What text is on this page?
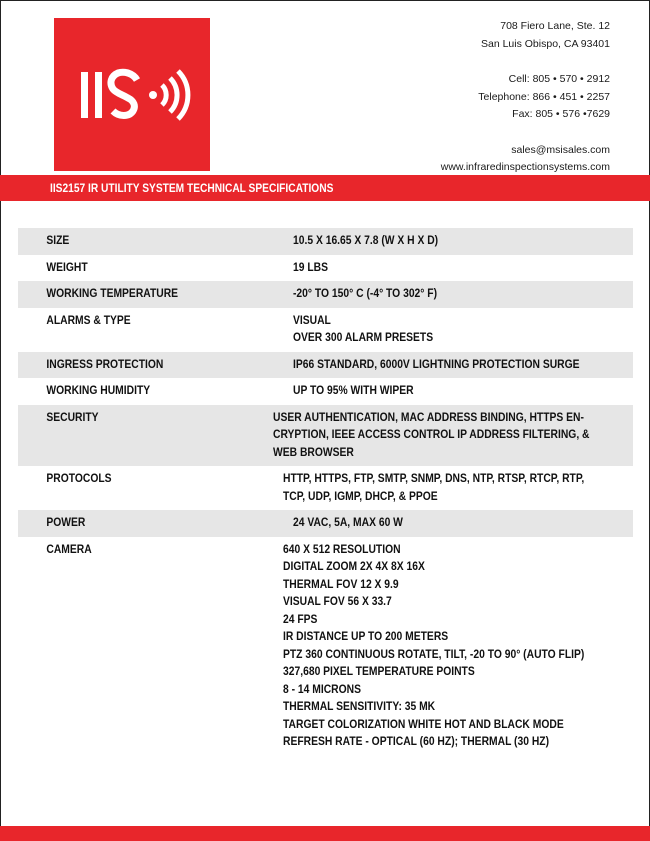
708 Fiero Lane, Ste. 12
San Luis Obispo, CA 93401
Cell: 805 • 570 • 2912
Telephone: 866 • 451 • 2257
Fax: 805 • 576 •7629
sales@msisales.com
www.infraredinspectionsystems.com
IIS2157 IR UTILITY SYSTEM TECHNICAL SPECIFICATIONS
SIZE	10.5 X 16.65 X 7.8 (W X H X D)
WEIGHT	19 LBS
WORKING TEMPERATURE	-20° TO 150° C (-4° TO 302° F)
ALARMS & TYPE	VISUAL
OVER 300 ALARM PRESETS
INGRESS PROTECTION	IP66 STANDARD, 6000V LIGHTNING PROTECTION SURGE
WORKING HUMIDITY	UP TO 95% WITH WIPER
SECURITY	USER AUTHENTICATION, MAC ADDRESS BINDING, HTTPS EN-
CRYPTION, IEEE ACCESS CONTROL IP ADDRESS FILTERING, &
WEB BROWSER
PROTOCOLS	HTTP, HTTPS, FTP, SMTP, SNMP, DNS, NTP, RTSP, RTCP, RTP,
TCP, UDP, IGMP, DHCP, & PPOE
POWER	24 VAC, 5A, MAX 60 W
CAMERA	640 X 512 RESOLUTION
DIGITAL ZOOM 2X 4X 8X 16X
THERMAL FOV 12 X 9.9
VISUAL FOV 56 X 33.7
24 FPS
IR DISTANCE UP TO 200 METERS
PTZ 360 CONTINUOUS ROTATE, TILT, -20 TO 90° (AUTO FLIP)
327,680 PIXEL TEMPERATURE POINTS
8 - 14 MICRONS
THERMAL SENSITIVITY: 35 MK
TARGET COLORIZATION WHITE HOT AND BLACK MODE
REFRESH RATE - OPTICAL (60 HZ); THERMAL (30 HZ)
